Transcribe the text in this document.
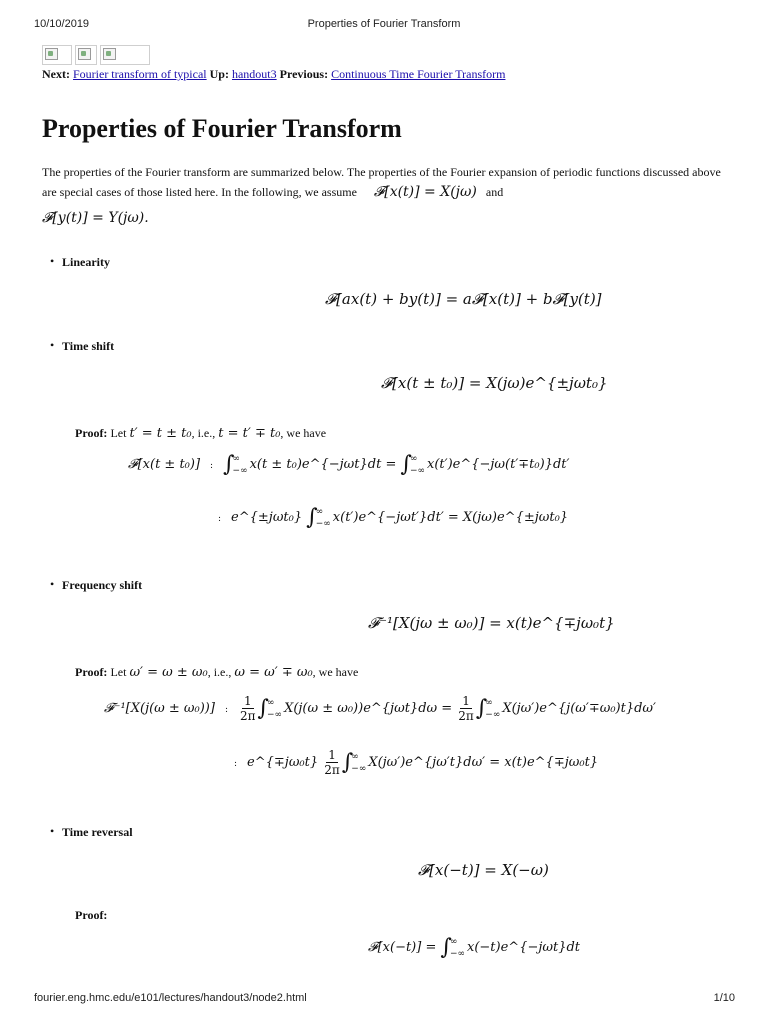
10/10/2019	Properties of Fourier Transform
Next: Fourier transform of typical Up: handout3 Previous: Continuous Time Fourier Transform
Properties of Fourier Transform
The properties of the Fourier transform are summarized below. The properties of the Fourier expansion of periodic functions discussed above are special cases of those listed here. In the following, we assume 𝓕[x(t)] = X(jω) and
𝓕[y(t)] = Y(jω).
• Linearity
𝓕[ax(t) + by(t)] = a𝓕[x(t)] + b𝓕[y(t)]
• Time shift
𝓕[x(t ± t₀)] = X(jω)e^{±jωt₀}
Proof: Let t′ = t ± t₀, i.e., t = t′ ∓ t₀, we have
𝓕[x(t ± t₀)] : ∫
∞
−∞ x(t ± t₀)e^{−jωt}dt = ∫
∞
−∞ x(t′)e^{−jω(t′∓t₀)}dt′
: e^{±jωt₀} ∫
∞
−∞ x(t′)e^{−jωt′}dt′ = X(jω)e^{±jωt₀}
• Frequency shift
𝓕⁻¹[X(jω ± ω₀)] = x(t)e^{∓jω₀t}
Proof: Let ω′ = ω ± ω₀, i.e., ω = ω′ ∓ ω₀, we have
𝓕⁻¹[X(j(ω ± ω₀))] : $\frac{1}{2\pi}$ ∫
∞
−∞ X(j(ω ± ω₀))e^{jωt}dω = $\frac{1}{2\pi}$ ∫
∞
−∞ X(jω′)e^{j(ω′∓ω₀)t}dω′
: e^{∓jω₀t} $\frac{1}{2\pi}$ ∫
∞
−∞ X(jω′)e^{jω′t}dω′ = x(t)e^{∓jω₀t}
• Time reversal
𝓕[x(−t)] = X(−ω)
Proof:
𝓕[x(−t)] = ∫
∞
−∞ x(−t)e^{−jωt}dt
fourier.eng.hmc.edu/e101/lectures/handout3/node2.html	1/10
